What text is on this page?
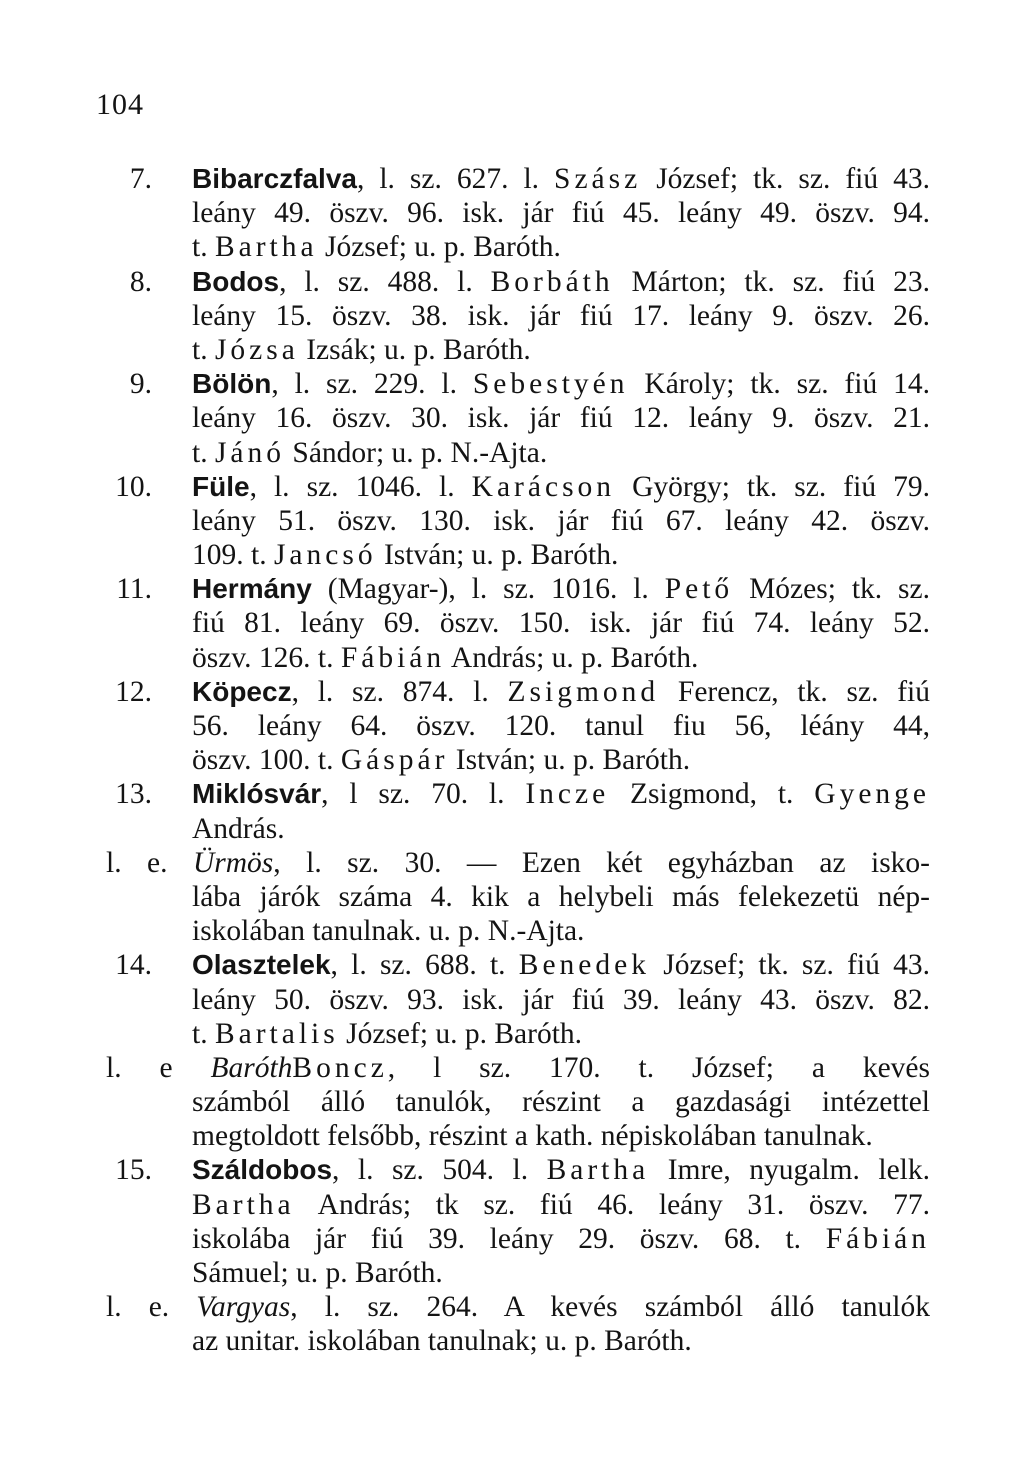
104
7. Bibarczfalva, l. sz. 627. l. Szász József; tk. sz. fiú 43.
leány 49. öszv. 96. isk. jár fiú 45. leány 49. öszv. 94.
t. Bartha József; u. p. Baróth.
8. Bodos, l. sz. 488. l. Borbáth Márton; tk. sz. fiú 23.
leány 15. öszv. 38. isk. jár fiú 17. leány 9. öszv. 26.
t. Józsa Izsák; u. p. Baróth.
9. Bölön, l. sz. 229. l. Sebestyén Károly; tk. sz. fiú 14.
leány 16. öszv. 30. isk. jár fiú 12. leány 9. öszv. 21.
t. Jánó Sándor; u. p. N.-Ajta.
10. Füle, l. sz. 1046. l. Karácson György; tk. sz. fiú 79.
leány 51. öszv. 130. isk. jár fiú 67. leány 42. öszv.
109. t. Jancsó István; u. p. Baróth.
11. Hermány (Magyar-), l. sz. 1016. l. Pető Mózes; tk. sz.
fiú 81. leány 69. öszv. 150. isk. jár fiú 74. leány 52.
öszv. 126. t. Fábián András; u. p. Baróth.
12. Köpecz, l. sz. 874. l. Zsigmond Ferencz, tk. sz. fiú
56. leány 64. öszv. 120. tanul fiu 56, léány 44,
öszv. 100. t. Gáspár István; u. p. Baróth.
13. Miklósvár, l sz. 70. l. Incze Zsigmond, t. Gyenge
András.
l. e. Ürmös, l. sz. 30. — Ezen két egyházban az isko-
lába járók száma 4. kik a helybeli más felekezetü nép-
iskolában tanulnak. u. p. N.-Ajta.
14. Olasztelek, l. sz. 688. t. Benedek József; tk. sz. fiú 43.
leány 50. öszv. 93. isk. jár fiú 39. leány 43. öszv. 82.
t. Bartalis József; u. p. Baróth.
l. e BaróthBoncz, l sz. 170. t. József; a kevés
számból álló tanulók, részint a gazdasági intézettel
megtoldott felsőbb, részint a kath. népiskolában tanulnak.
15. Száldobos, l. sz. 504. l. Bartha Imre, nyugalm. lelk.
Bartha András; tk sz. fiú 46. leány 31. öszv. 77.
iskolába jár fiú 39. leány 29. öszv. 68. t. Fábián
Sámuel; u. p. Baróth.
l. e. Vargyas, l. sz. 264. A kevés számból álló tanulók
az unitar. iskolában tanulnak; u. p. Baróth.
